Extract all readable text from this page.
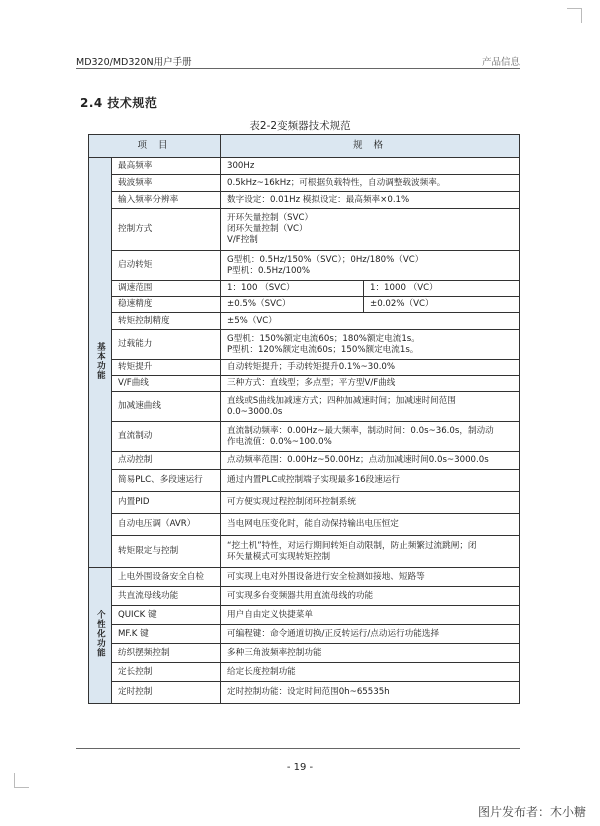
MD320/MD320N用户手册	产品信息
2.4 技术规范
表2-2变频器技术规范
项 目		规 格	
基本功能	最高频率	300Hz	

	载波频率	0.5kHz~16kHz；可根据负载特性，自动调整载波频率。	

	输入频率分辨率	数字设定：0.01Hz 模拟设定：最高频率×0.1%	

	控制方式	开环矢量控制（SVC）
闭环矢量控制（VC）
V/F控制	

	启动转矩	G型机：0.5Hz/150%（SVC）；0Hz/180%（VC）
P型机：0.5Hz/100%	

	调速范围	1：100 （SVC）	1：1000 （VC）

	稳速精度	±0.5%（SVC）	±0.02%（VC）

	转矩控制精度	±5%（VC）	

	过载能力	G型机：150%额定电流60s；180%额定电流1s。
P型机：120%额定电流60s；150%额定电流1s。	

	转矩提升	自动转矩提升；手动转矩提升0.1%~30.0%	

	V/F曲线	三种方式：直线型；多点型；平方型V/F曲线	

	加减速曲线	直线或S曲线加减速方式；四种加减速时间；加减速时间范围
0.0~3000.0s	

	直流制动	直流制动频率：0.00Hz~最大频率，制动时间：0.0s~36.0s，制动动
作电流值：0.0%~100.0%	

	点动控制	点动频率范围：0.00Hz~50.00Hz；点动加减速时间0.0s~3000.0s	

	简易PLC、多段速运行	通过内置PLC或控制端子实现最多16段速运行	

	内置PID	可方便实现过程控制闭环控制系统	

	自动电压调（AVR）	当电网电压变化时，能自动保持输出电压恒定	

	转矩限定与控制	“挖土机”特性，对运行期间转矩自动限制，防止频繁过流跳闸；闭
环矢量模式可实现转矩控制	

个性化功能	上电外围设备安全自检	可实现上电对外围设备进行安全检测如接地、短路等	

	共直流母线功能	可实现多台变频器共用直流母线的功能	

	QUICK 键	用户自由定义快捷菜单	

	MF.K 键	可编程键：命令通道切换/正反转运行/点动运行功能选择	

	纺织摆频控制	多种三角波频率控制功能	

	定长控制	给定长度控制功能	

	定时控制	定时控制功能：设定时间范围0h~65535h	
- 19 -
图片发布者：木小糖
